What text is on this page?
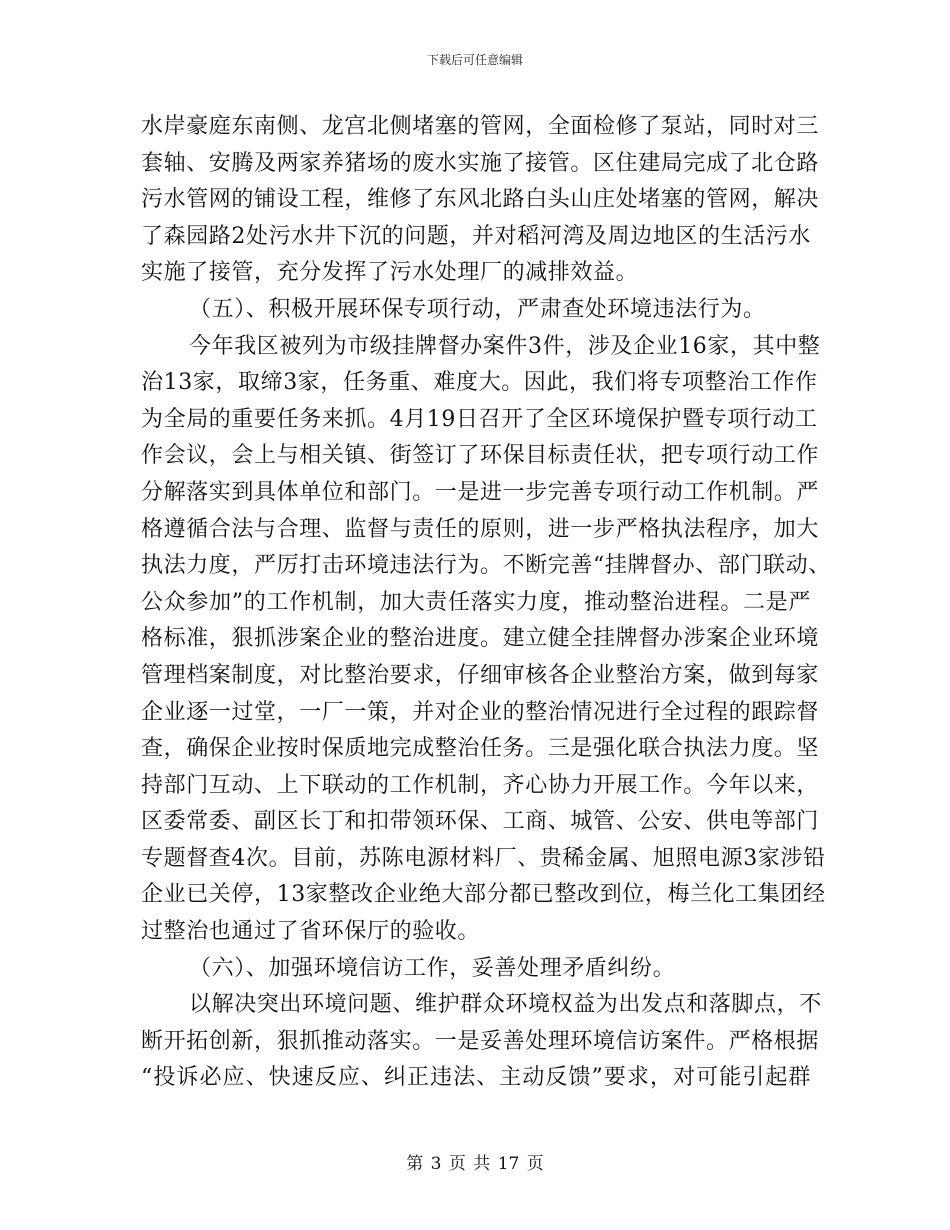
下载后可任意编辑
水岸豪庭东南侧、龙宫北侧堵塞的管网，全面检修了泵站，同时对三
套轴、安腾及两家养猪场的废水实施了接管。区住建局完成了北仓路
污水管网的铺设工程，维修了东风北路白头山庄处堵塞的管网，解决
了森园路2处污水井下沉的问题，并对稻河湾及周边地区的生活污水
实施了接管，充分发挥了污水处理厂的减排效益。
（五）、积极开展环保专项行动，严肃查处环境违法行为。
今年我区被列为市级挂牌督办案件3件，涉及企业16家，其中整
治13家，取缔3家，任务重、难度大。因此，我们将专项整治工作作
为全局的重要任务来抓。4月19日召开了全区环境保护暨专项行动工
作会议，会上与相关镇、街签订了环保目标责任状，把专项行动工作
分解落实到具体单位和部门。一是进一步完善专项行动工作机制。严
格遵循合法与合理、监督与责任的原则，进一步严格执法程序，加大
执法力度，严厉打击环境违法行为。不断完善“挂牌督办、部门联动、
公众参加”的工作机制，加大责任落实力度，推动整治进程。二是严
格标准，狠抓涉案企业的整治进度。建立健全挂牌督办涉案企业环境
管理档案制度，对比整治要求，仔细审核各企业整治方案，做到每家
企业逐一过堂，一厂一策，并对企业的整治情况进行全过程的跟踪督
查，确保企业按时保质地完成整治任务。三是强化联合执法力度。坚
持部门互动、上下联动的工作机制，齐心协力开展工作。今年以来，
区委常委、副区长丁和扣带领环保、工商、城管、公安、供电等部门
专题督查4次。目前，苏陈电源材料厂、贵稀金属、旭照电源3家涉铅
企业已关停，13家整改企业绝大部分都已整改到位，梅兰化工集团经
过整治也通过了省环保厅的验收。
（六）、加强环境信访工作，妥善处理矛盾纠纷。
以解决突出环境问题、维护群众环境权益为出发点和落脚点，不
断开拓创新，狠抓推动落实。一是妥善处理环境信访案件。严格根据
“投诉必应、快速反应、纠正违法、主动反馈”要求，对可能引起群
第 3 页 共 17 页
